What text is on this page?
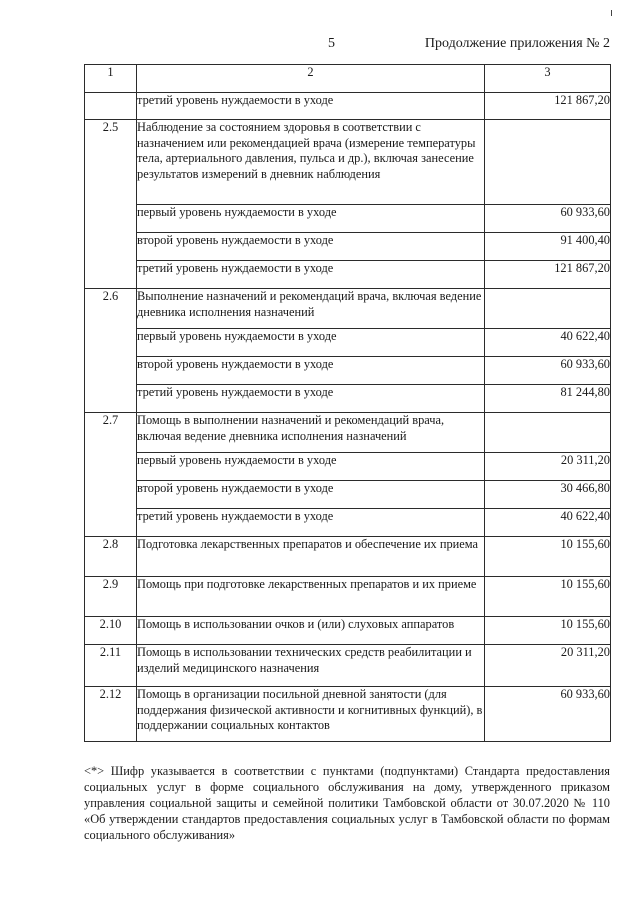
5	Продолжение приложения № 2
1	2	3
	третий уровень нуждаемости в уходе	121 867,20
2.5	Наблюдение за состоянием здоровья в соответствии с назначением или рекомендацией врача (измерение температуры тела, артериального давления, пульса и др.), включая занесение результатов измерений в дневник наблюдения	
	первый уровень нуждаемости в уходе	60 933,60
	второй уровень нуждаемости в уходе	91 400,40
	третий уровень нуждаемости в уходе	121 867,20
2.6	Выполнение назначений и рекомендаций врача, включая ведение дневника исполнения назначений	
	первый уровень нуждаемости в уходе	40 622,40
	второй уровень нуждаемости в уходе	60 933,60
	третий уровень нуждаемости в уходе	81 244,80
2.7	Помощь в выполнении назначений и рекомендаций врача, включая ведение дневника исполнения назначений	
	первый уровень нуждаемости в уходе	20 311,20
	второй уровень нуждаемости в уходе	30 466,80
	третий уровень нуждаемости в уходе	40 622,40
2.8	Подготовка лекарственных препаратов и обеспечение их приема	10 155,60
2.9	Помощь при подготовке лекарственных препаратов и их приеме	10 155,60
2.10	Помощь в использовании очков и (или) слуховых аппаратов	10 155,60
2.11	Помощь в использовании технических средств реабилитации и изделий медицинского назначения	20 311,20
2.12	Помощь в организации посильной дневной занятости (для поддержания физической активности и когнитивных функций), в поддержании социальных контактов	60 933,60
<*> Шифр указывается в соответствии с пунктами (подпунктами) Стандарта предоставления социальных услуг в форме социального обслуживания на дому, утвержденного приказом управления социальной защиты и семейной политики Тамбовской области от 30.07.2020 № 110 «Об утверждении стандартов предоставления социальных услуг в Тамбовской области по формам социального обслуживания»
